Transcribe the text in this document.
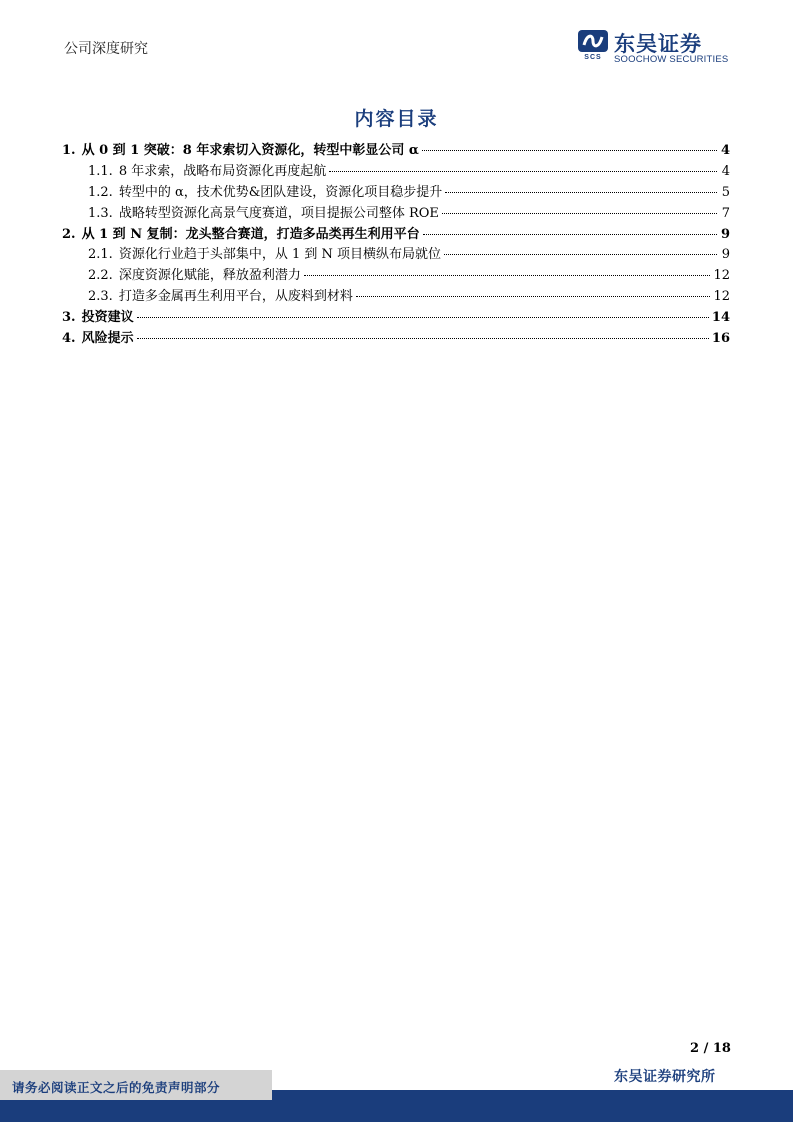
公司深度研究
SCS
东吴证券
SOOCHOW SECURITIES
内容目录
1. 从 0 到 1 突破：8 年求索切入资源化，转型中彰显公司 α	4
1.1. 8 年求索，战略布局资源化再度起航	4
1.2. 转型中的 α，技术优势&团队建设，资源化项目稳步提升	5
1.3. 战略转型资源化高景气度赛道，项目提振公司整体 ROE	7
2. 从 1 到 N 复制：龙头整合赛道，打造多品类再生利用平台	9
2.1. 资源化行业趋于头部集中，从 1 到 N 项目横纵布局就位	9
2.2. 深度资源化赋能，释放盈利潜力	12
2.3. 打造多金属再生利用平台，从废料到材料	12
3. 投资建议	14
4. 风险提示	16
2 / 18
东吴证券研究所
请务必阅读正文之后的免责声明部分
